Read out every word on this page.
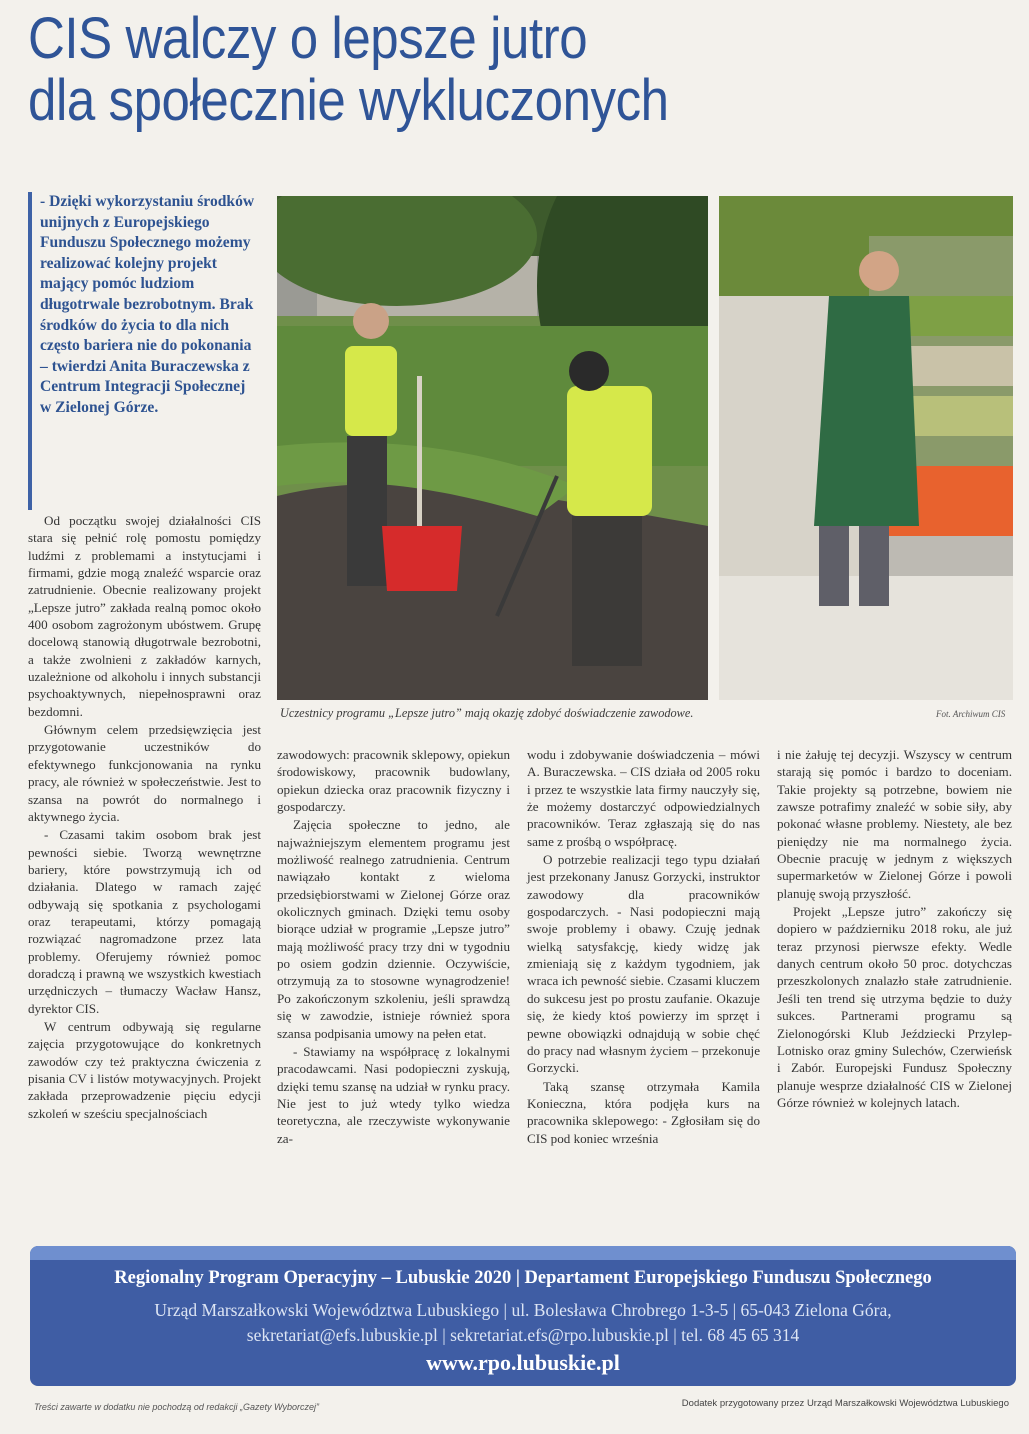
CIS walczy o lepsze jutro
dla społecznie wykluczonych

- Dzięki wykorzystaniu środków unijnych z Europejskiego Funduszu Społecznego możemy realizować kolejny projekt mający pomóc ludziom długotrwale bezrobotnym. Brak środków do życia to dla nich często bariera nie do pokonania – twierdzi Anita Buraczewska z Centrum Integracji Społecznej w Zielonej Górze.

Uczestnicy programu „Lepsze jutro” mają okazję zdobyć doświadczenie zawodowe.	Fot. Archiwum CIS

Od początku swojej działalności CIS stara się pełnić rolę pomostu pomiędzy ludźmi z problemami a instytucjami i firmami, gdzie mogą znaleźć wsparcie oraz zatrudnienie. Obecnie realizowany projekt „Lepsze jutro” zakłada realną pomoc około 400 osobom zagrożonym ubóstwem. Grupę docelową stanowią długotrwale bezrobotni, a także zwolnieni z zakładów karnych, uzależnione od alkoholu i innych substancji psychoaktywnych, niepełnosprawni oraz bezdomni.

Głównym celem przedsięwzięcia jest przygotowanie uczestników do efektywnego funkcjonowania na rynku pracy, ale również w społeczeństwie. Jest to szansa na powrót do normalnego i aktywnego życia.

- Czasami takim osobom brak jest pewności siebie. Tworzą wewnętrzne bariery, które powstrzymują ich od działania. Dlatego w ramach zajęć odbywają się spotkania z psychologami oraz terapeutami, którzy pomagają rozwiązać nagromadzone przez lata problemy. Oferujemy również pomoc doradczą i prawną we wszystkich kwestiach urzędniczych – tłumaczy Wacław Hansz, dyrektor CIS.

W centrum odbywają się regularne zajęcia przygotowujące do konkretnych zawodów czy też praktyczna ćwiczenia z pisania CV i listów motywacyjnych. Projekt zakłada przeprowadzenie pięciu edycji szkoleń w sześciu specjalnościach

zawodowych: pracownik sklepowy, opiekun środowiskowy, pracownik budowlany, opiekun dziecka oraz pracownik fizyczny i gospodarczy.

Zajęcia społeczne to jedno, ale najważniejszym elementem programu jest możliwość realnego zatrudnienia. Centrum nawiązało kontakt z wieloma przedsiębiorstwami w Zielonej Górze oraz okolicznych gminach. Dzięki temu osoby biorące udział w programie „Lepsze jutro” mają możliwość pracy trzy dni w tygodniu po osiem godzin dziennie. Oczywiście, otrzymują za to stosowne wynagrodzenie! Po zakończonym szkoleniu, jeśli sprawdzą się w zawodzie, istnieje również spora szansa podpisania umowy na pełen etat.

- Stawiamy na współpracę z lokalnymi pracodawcami. Nasi podopieczni zyskują, dzięki temu szansę na udział w rynku pracy. Nie jest to już wtedy tylko wiedza teoretyczna, ale rzeczywiste wykonywanie za-

wodu i zdobywanie doświadczenia – mówi A. Buraczewska. – CIS działa od 2005 roku i przez te wszystkie lata firmy nauczyły się, że możemy dostarczyć odpowiedzialnych pracowników. Teraz zgłaszają się do nas same z prośbą o współpracę.

O potrzebie realizacji tego typu działań jest przekonany Janusz Gorzycki, instruktor zawodowy dla pracowników gospodarczych. - Nasi podopieczni mają swoje problemy i obawy. Czuję jednak wielką satysfakcję, kiedy widzę jak zmieniają się z każdym tygodniem, jak wraca ich pewność siebie. Czasami kluczem do sukcesu jest po prostu zaufanie. Okazuje się, że kiedy ktoś powierzy im sprzęt i pewne obowiązki odnajdują w sobie chęć do pracy nad własnym życiem – przekonuje Gorzycki.

Taką szansę otrzymała Kamila Konieczna, która podjęła kurs na pracownika sklepowego: - Zgłosiłam się do CIS pod koniec września

i nie żałuję tej decyzji. Wszyscy w centrum starają się pomóc i bardzo to doceniam. Takie projekty są potrzebne, bowiem nie zawsze potrafimy znaleźć w sobie siły, aby pokonać własne problemy. Niestety, ale bez pieniędzy nie ma normalnego życia. Obecnie pracuję w jednym z większych supermarketów w Zielonej Górze i powoli planuję swoją przyszłość.

Projekt „Lepsze jutro” zakończy się dopiero w październiku 2018 roku, ale już teraz przynosi pierwsze efekty. Wedle danych centrum około 50 proc. dotychczas przeszkolonych znalazło stałe zatrudnienie. Jeśli ten trend się utrzyma będzie to duży sukces. Partnerami programu są Zielonogórski Klub Jeździecki Przylep-Lotnisko oraz gminy Sulechów, Czerwieńsk i Zabór. Europejski Fundusz Społeczny planuje wesprze działalność CIS w Zielonej Górze również w kolejnych latach.

Regionalny Program Operacyjny – Lubuskie 2020 | Departament Europejskiego Funduszu Społecznego
Urząd Marszałkowski Województwa Lubuskiego | ul. Bolesława Chrobrego 1-3-5 | 65-043 Zielona Góra,
sekretariat@efs.lubuskie.pl | sekretariat.efs@rpo.lubuskie.pl | tel. 68 45 65 314
www.rpo.lubuskie.pl
Treści zawarte w dodatku nie pochodzą od redakcji „Gazety Wyborczej”	Dodatek przygotowany przez Urząd Marszałkowski Województwa Lubuskiego
